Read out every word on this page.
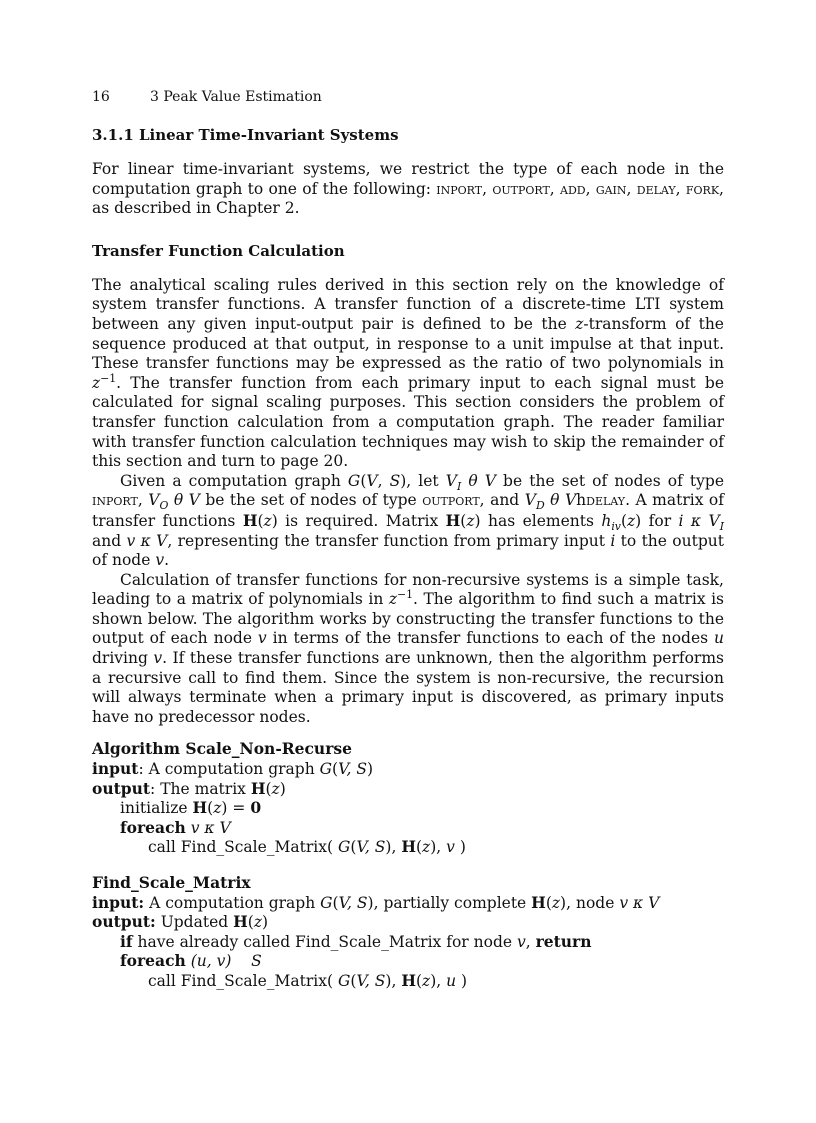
16	3 Peak Value Estimation
3.1.1 Linear Time-Invariant Systems

For linear time-invariant systems, we restrict the type of each node in the computation graph to one of the following: inport, outport, add, gain, delay, fork, as described in Chapter 2.

Transfer Function Calculation

The analytical scaling rules derived in this section rely on the knowledge of system transfer functions. A transfer function of a discrete-time LTI system between any given input-output pair is defined to be the z-transform of the sequence produced at that output, in response to a unit impulse at that input. These transfer functions may be expressed as the ratio of two polynomials in $z^{-1}$. The transfer function from each primary input to each signal must be calculated for signal scaling purposes. This section considers the problem of transfer function calculation from a computation graph. The reader familiar with transfer function calculation techniques may wish to skip the remainder of this section and turn to page 20.

Given a computation graph G(V, S), let $V_I$ θ V be the set of nodes of type inport, $V_O$ θ V be the set of nodes of type outport, and $V_D$ θ Vhdelay. A matrix of transfer functions H(z) is required. Matrix H(z) has elements $h_{iv}(z)$ for i κ $V_I$ and v κ V, representing the transfer function from primary input i to the output of node v.

Calculation of transfer functions for non-recursive systems is a simple task, leading to a matrix of polynomials in $z^{-1}$. The algorithm to find such a matrix is shown below. The algorithm works by constructing the transfer functions to the output of each node v in terms of the transfer functions to each of the nodes u driving v. If these transfer functions are unknown, then the algorithm performs a recursive call to find them. Since the system is non-recursive, the recursion will always terminate when a primary input is discovered, as primary inputs have no predecessor nodes.

Algorithm Scale_Non-Recurse
input: A computation graph G(V, S)
output: The matrix H(z)
initialize H(z) = 0
foreach v κ V
call Find_Scale_Matrix( G(V, S), H(z), v )
Find_Scale_Matrix
input: A computation graph G(V, S), partially complete H(z), node v κ V
output: Updated H(z)
if have already called Find_Scale_Matrix for node v, return
foreach (u, v) S
call Find_Scale_Matrix( G(V, S), H(z), u )
